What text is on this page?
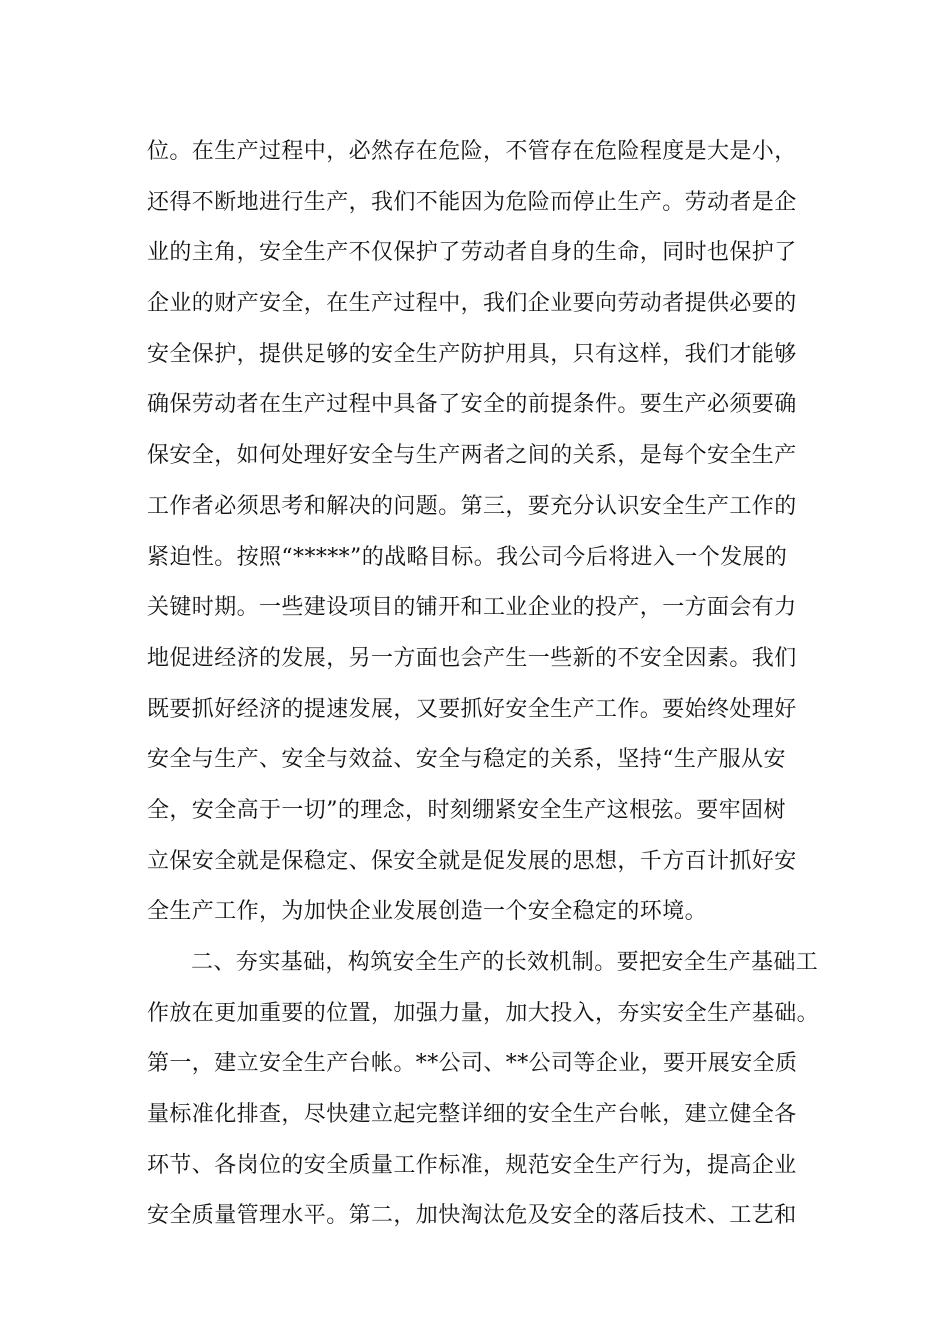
位。在生产过程中，必然存在危险，不管存在危险程度是大是小，
还得不断地进行生产，我们不能因为危险而停止生产。劳动者是企
业的主角，安全生产不仅保护了劳动者自身的生命，同时也保护了
企业的财产安全，在生产过程中，我们企业要向劳动者提供必要的
安全保护，提供足够的安全生产防护用具，只有这样，我们才能够
确保劳动者在生产过程中具备了安全的前提条件。要生产必须要确
保安全，如何处理好安全与生产两者之间的关系，是每个安全生产
工作者必须思考和解决的问题。第三，要充分认识安全生产工作的
紧迫性。按照“*****”的战略目标。我公司今后将进入一个发展的
关键时期。一些建设项目的铺开和工业企业的投产，一方面会有力
地促进经济的发展，另一方面也会产生一些新的不安全因素。我们
既要抓好经济的提速发展，又要抓好安全生产工作。要始终处理好
安全与生产、安全与效益、安全与稳定的关系，坚持“生产服从安
全，安全高于一切”的理念，时刻绷紧安全生产这根弦。要牢固树
立保安全就是保稳定、保安全就是促发展的思想，千方百计抓好安
全生产工作，为加快企业发展创造一个安全稳定的环境。
二、夯实基础，构筑安全生产的长效机制。要把安全生产基础工
作放在更加重要的位置，加强力量，加大投入，夯实安全生产基础。
第一，建立安全生产台帐。**公司、**公司等企业，要开展安全质
量标准化排查，尽快建立起完整详细的安全生产台帐，建立健全各
环节、各岗位的安全质量工作标准，规范安全生产行为，提高企业
安全质量管理水平。第二，加快淘汰危及安全的落后技术、工艺和
